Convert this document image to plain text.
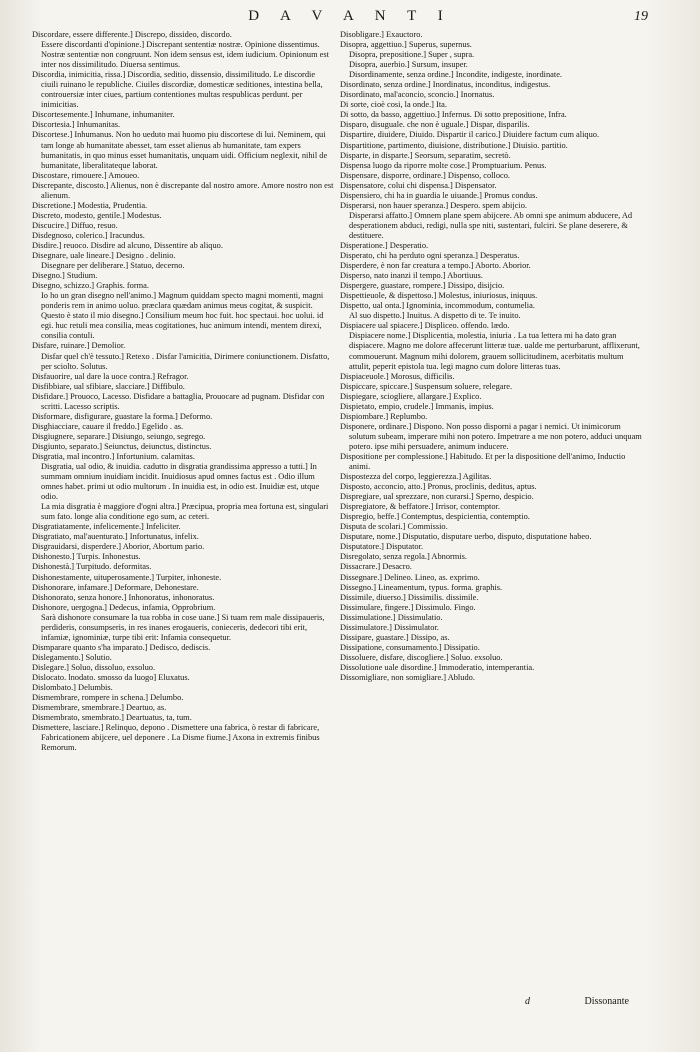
D A V A N T I	19

Discordare, essere differente.] Discrepo, dissideo, discordo.

Essere discordanti d'opinione.] Discrepant sententiæ nostræ. Opinione dissentimus. Nostræ sententiæ non congruunt. Non idem sensus est, idem iudicium. Opinionum est inter nos dissimilitudo. Diuersa sentimus.

Discordia, inimicitia, rissa.] Discordia, seditio, dissensio, dissimilitudo. Le discordie ciuili ruinano le republiche. Ciuiles discordiæ, domesticæ seditiones, intestina bella, controuersiæ inter ciues, partium contentiones multas respublicas perdunt. per inimicitias.

Discortesemente.] Inhumane, inhumaniter.

Discortesia.] Inhumanitas.

Discortese.] Inhumanus. Non ho ueduto mai huomo piu discortese di lui. Neminem, qui tam longe ab humanitate abesset, tam esset alienus ab humanitate, tam expers humanitatis, in quo minus esset humanitatis, unquam uidi. Officium neglexit, nihil de humanitate, liberalitateque laborat.

Discostare, rimouere.] Amoueo.

Discrepante, discosto.] Alienus, non è discrepante dal nostro amore. Amore nostro non est alienum.

Discretione.] Modestia, Prudentia.

Discreto, modesto, gentile.] Modestus.

Discucire.] Diffuo, resuo.

Disdegnoso, colerico.] Iracundus.

Disdire.] reuoco. Disdire ad alcuno, Dissentire ab aliquo.

Disegnare, uale lineare.] Designo . delinio.

Disegnare per deliberare.] Statuo, decerno.

Disegno.] Studium.

Disegno, schizzo.] Graphis. forma.

Io ho un gran disegno nell'animo.] Magnum quiddam specto magni momenti, magni ponderis rem in animo uoluo. præclara quædam animus meus cogitat, & suspicit.

Questo è stato il mio disegno.] Consilium meum hoc fuit. hoc spectaui. hoc uolui. id egi. huc retuli mea consilia, meas cogitationes, huc animum intendi, mentem direxi, consilia contuli.

Disfare, ruinare.] Demolior.

Disfar quel ch'è tessuto.] Retexo . Disfar l'amicitia, Dirimere coniunctionem. Disfatto, per sciolto. Solutus.

Disfauorire, ual dare la uoce contra.] Refragor.

Disfibbiare, ual sfibiare, slacciare.] Diffibulo.

Disfidare.] Prouoco, Lacesso. Disfidare a battaglia, Prouocare ad pugnam. Disfidar con scritti. Lacesso scriptis.

Disformare, disfigurare, guastare la forma.] Deformo.

Disghiacciare, cauare il freddo.] Egelido . as.

Disgiugnere, separare.] Disiungo, seiungo, segrego.

Disgiunto, separato.] Seiunctus, deiunctus, distinctus.

Disgratia, mal incontro.] Infortunium. calamitas.

Disgratia, ual odio, & inuidia. cadutto in disgratia grandissima appresso a tutti.] In summam omnium inuidiam incidit. Inuidiosus apud omnes factus est . Odio illum omnes habet. primi ut odio multorum . In inuidia est, in odio est. Inuidiæ est, utque odio.

La mia disgratia è maggiore d'ogni altra.] Præcipua, propria mea fortuna est, singulari sum fato. longe alia conditione ego sum, ac ceteri.

Disgratiatamente, infelicemente.] Infeliciter.

Disgratiato, mal'auenturato.] Infortunatus, infelix.

Disgrauidarsi, disperdere.] Aborior, Abortum pario.

Dishonesto.] Turpis. Inhonestus.

Dishonestà.] Turpitudo. deformitas.

Dishonestamente, uituperosamente.] Turpiter, inhoneste.

Dishonorare, infamare.] Deformare, Dehonestare.

Dishonorato, senza honore.] Inhonoratus, inhonoratus.

Dishonore, uergogna.] Dedecus, infamia, Opprobrium.

Sarà dishonore consumare la tua robba in cose uane.] Si tuam rem male dissipaueris, perdideris, consumpseris, in res inanes erogaueris, conieceris, dedecori tibi erit, infamiæ, ignominiæ, turpe tibi erit: Infamia consequetur.

Dismparare quanto s'ha imparato.] Dedisco, dediscis.

Dislegamento.] Solutio.

Dislegare.] Soluo, dissoluo, exsoluo.

Dislocato. lnodato. smosso da luogo] Eluxatus.

Dislombato.] Delumbis.

Dismembrare, rompere in schena.] Delumbo.

Dismembrare, smembrare.] Deartuo, as.

Dismembrato, smembrato.] Deartuatus, ta, tum.

Dismettere, lasciare.] Relinquo, depono . Dismettere una fabrica, ò restar di fabricare, Fabricationem abijcere, uel deponere . La Disme fiume.] Axona in extremis finibus Remorum.

Disobligare.] Exauctoro.

Disopra, aggettiuo.] Superus, supernus.

Disopra, prepositione.] Super , supra.

Disopra, auerbio.] Sursum, insuper.

Disordinamente, senza ordine.] Incondite, indigeste, inordinate.

Disordinato, senza ordine.] Inordinatus, inconditus, indigestus.

Disordinato, mal'aconcio, sconcio.] Inornatus.

Di sorte, cioè cosi, la onde.] Ita.

Di sotto, da basso, aggettiuo.] Infernus. Di sotto prepositione, Infra.

Disparo, disuguale. che non è uguale.] Dispar, disparilis.

Dispartire, diuidere, Diuido. Dispartir il carico.] Diuidere factum cum aliquo.

Dispartitione, partimento, diuisione, distributione.] Diuisio. partitio.

Disparte, in disparte.] Seorsum, separatim, secretò.

Dispensa luogo da riporre molte cose.] Promptuarium. Penus.

Dispensare, disporre, ordinare.] Dispenso, colloco.

Dispensatore, colui chi dispensa.] Dispensator.

Dispensiero, chi ha in guardia le uiuande.] Promus condus.

Disperarsi, non hauer speranza.] Despero. spem abijcio.

Disperarsi affatto.] Omnem plane spem abijcere. Ab omni spe animum abducere, Ad desperationem abduci, redigi, nulla spe niti, sustentari, fulciri. Se plane deserere, & destituere.

Disperatione.] Desperatio.

Disperato, chi ha perduto ogni speranza.] Desperatus.

Disperdere, è non far creatura a tempo.] Aborto. Aborior.

Disperso, nato inanzi il tempo.] Abortiuus.

Dispergere, guastare, rompere.] Dissipo, disijcio.

Dispettieuole, & dispettoso.] Molestus, iniuriosus, iniquus.

Dispetto, ual onta.] Ignominia, incommodum, contumelia.

Al suo dispetto.] Inuitus. A dispetto di te. Te inuito.

Dispiacere ual spiacere.] Displiceo. offendo. lædo.

Dispiacere nome.] Displicentia, molestia, iniuria . La tua lettera mi ha dato gran dispiacere. Magno me dolore affecerunt litteræ tuæ. ualde me perturbarunt, afflixerunt, commouerunt. Magnum mihi dolorem, grauem sollicitudinem, acerbitatis multum attulit, peperit epistola tua. legi magno cum dolore litteras tuas.

Dispiaceuole.] Morosus, difficilis.

Dispiccare, spiccare.] Suspensum soluere, relegare.

Dispiegare, sciogliere, allargare.] Explico.

Dispietato, empio, crudele.] Immanis, impius.

Dispiombare.] Replumbo.

Disponere, ordinare.] Dispono. Non posso disporni a pagar i nemici. Ut inimicorum solutum subeam, imperare mihi non potero. Impetrare a me non potero, adduci unquam potero. ipse mihi persuadere, animum inducere.

Dispositione per complessione.] Habitudo. Et per la dispositione dell'animo, Inductio animi.

Dispostezza del corpo, leggierezza.] Agilitas.

Disposto, acconcio, atto.] Pronus, proclinis, deditus, aptus.

Dispregiare, ual sprezzare, non curarsi.] Sperno, despicio.

Dispregiatore, & beffatore.] Irrisor, contemptor.

Dispregio, beffe.] Contemptus, despicientia, contemptio.

Disputa de scolari.] Commissio.

Disputare, nome.] Disputatio, disputare uerbo, disputo, disputatione habeo.

Disputatore.] Disputator.

Disregolato, senza regola.] Abnormis.

Dissacrare.] Desacro.

Dissegnare.] Delineo. Lineo, as. exprimo.

Dissegno.] Lineamentum, typus. forma. graphis.

Dissimile, diuerso.] Dissimilis. dissimile.

Dissimulare, fingere.] Dissimulo. Fingo.

Dissimulatione.] Dissimulatio.

Dissimulatore.] Dissimulator.

Dissipare, guastare.] Dissipo, as.

Dissipatione, consumamento.] Dissipatio.

Dissoluere, disfare, discogliere.] Soluo. exsoluo.

Dissolutione uale disordine.] Immoderatio, intemperantia.

Dissomigliare, non somigliare.] Abludo.

d	Dissonante
